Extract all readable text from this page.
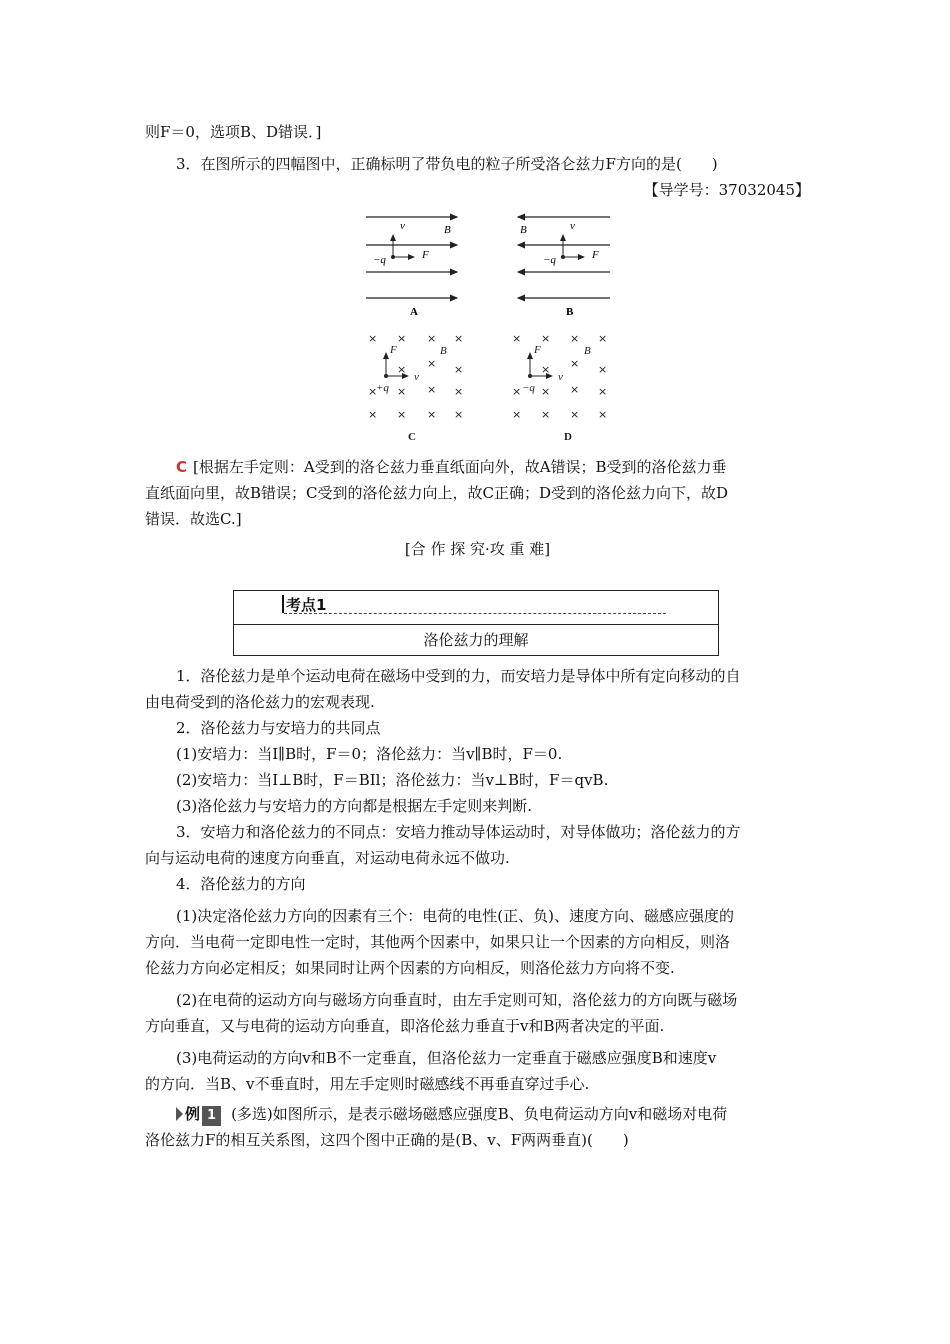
则F＝0，选项B、D错误．]
3．在图所示的四幅图中，正确标明了带负电的粒子所受洛仑兹力F方向的是(　　)
【导学号：37032045】
v	B
F
−q
A
v
B
F
−q
B
× × × ×
×
×
×
×
×	×
×
× × × ×
F	B
v
+q
C
× × × ×
×
×
×
×
×	×
×
× × × ×
F	B
v
−q
D
C [根据左手定则：A受到的洛仑兹力垂直纸面向外，故A错误；B受到的洛伦兹力垂
直纸面向里，故B错误；C受到的洛伦兹力向上，故C正确；D受到的洛伦兹力向下，故D
错误．故选C.]
[合 作 探 究·攻 重 难]
考点1
洛伦兹力的理解
1．洛伦兹力是单个运动电荷在磁场中受到的力，而安培力是导体中所有定向移动的自
由电荷受到的洛伦兹力的宏观表现.
2．洛伦兹力与安培力的共同点
(1)安培力：当I∥B时，F＝0；洛伦兹力：当v∥B时，F＝0.
(2)安培力：当I⊥B时，F＝BIl；洛伦兹力：当v⊥B时，F＝qvB.
(3)洛伦兹力与安培力的方向都是根据左手定则来判断.
3．安培力和洛伦兹力的不同点：安培力推动导体运动时，对导体做功；洛伦兹力的方
向与运动电荷的速度方向垂直，对运动电荷永远不做功.
4．洛伦兹力的方向
(1)决定洛伦兹力方向的因素有三个：电荷的电性(正、负)、速度方向、磁感应强度的
方向．当电荷一定即电性一定时，其他两个因素中，如果只让一个因素的方向相反，则洛
伦兹力方向必定相反；如果同时让两个因素的方向相反，则洛伦兹力方向将不变.
(2)在电荷的运动方向与磁场方向垂直时，由左手定则可知，洛伦兹力的方向既与磁场
方向垂直，又与电荷的运动方向垂直，即洛伦兹力垂直于v和B两者决定的平面.
(3)电荷运动的方向v和B不一定垂直，但洛伦兹力一定垂直于磁感应强度B和速度v
的方向．当B、v不垂直时，用左手定则时磁感线不再垂直穿过手心.
例 1 (多选)如图所示，是表示磁场磁感应强度B、负电荷运动方向v和磁场对电荷
洛伦兹力F的相互关系图，这四个图中正确的是(B、v、F两两垂直)(　　)
